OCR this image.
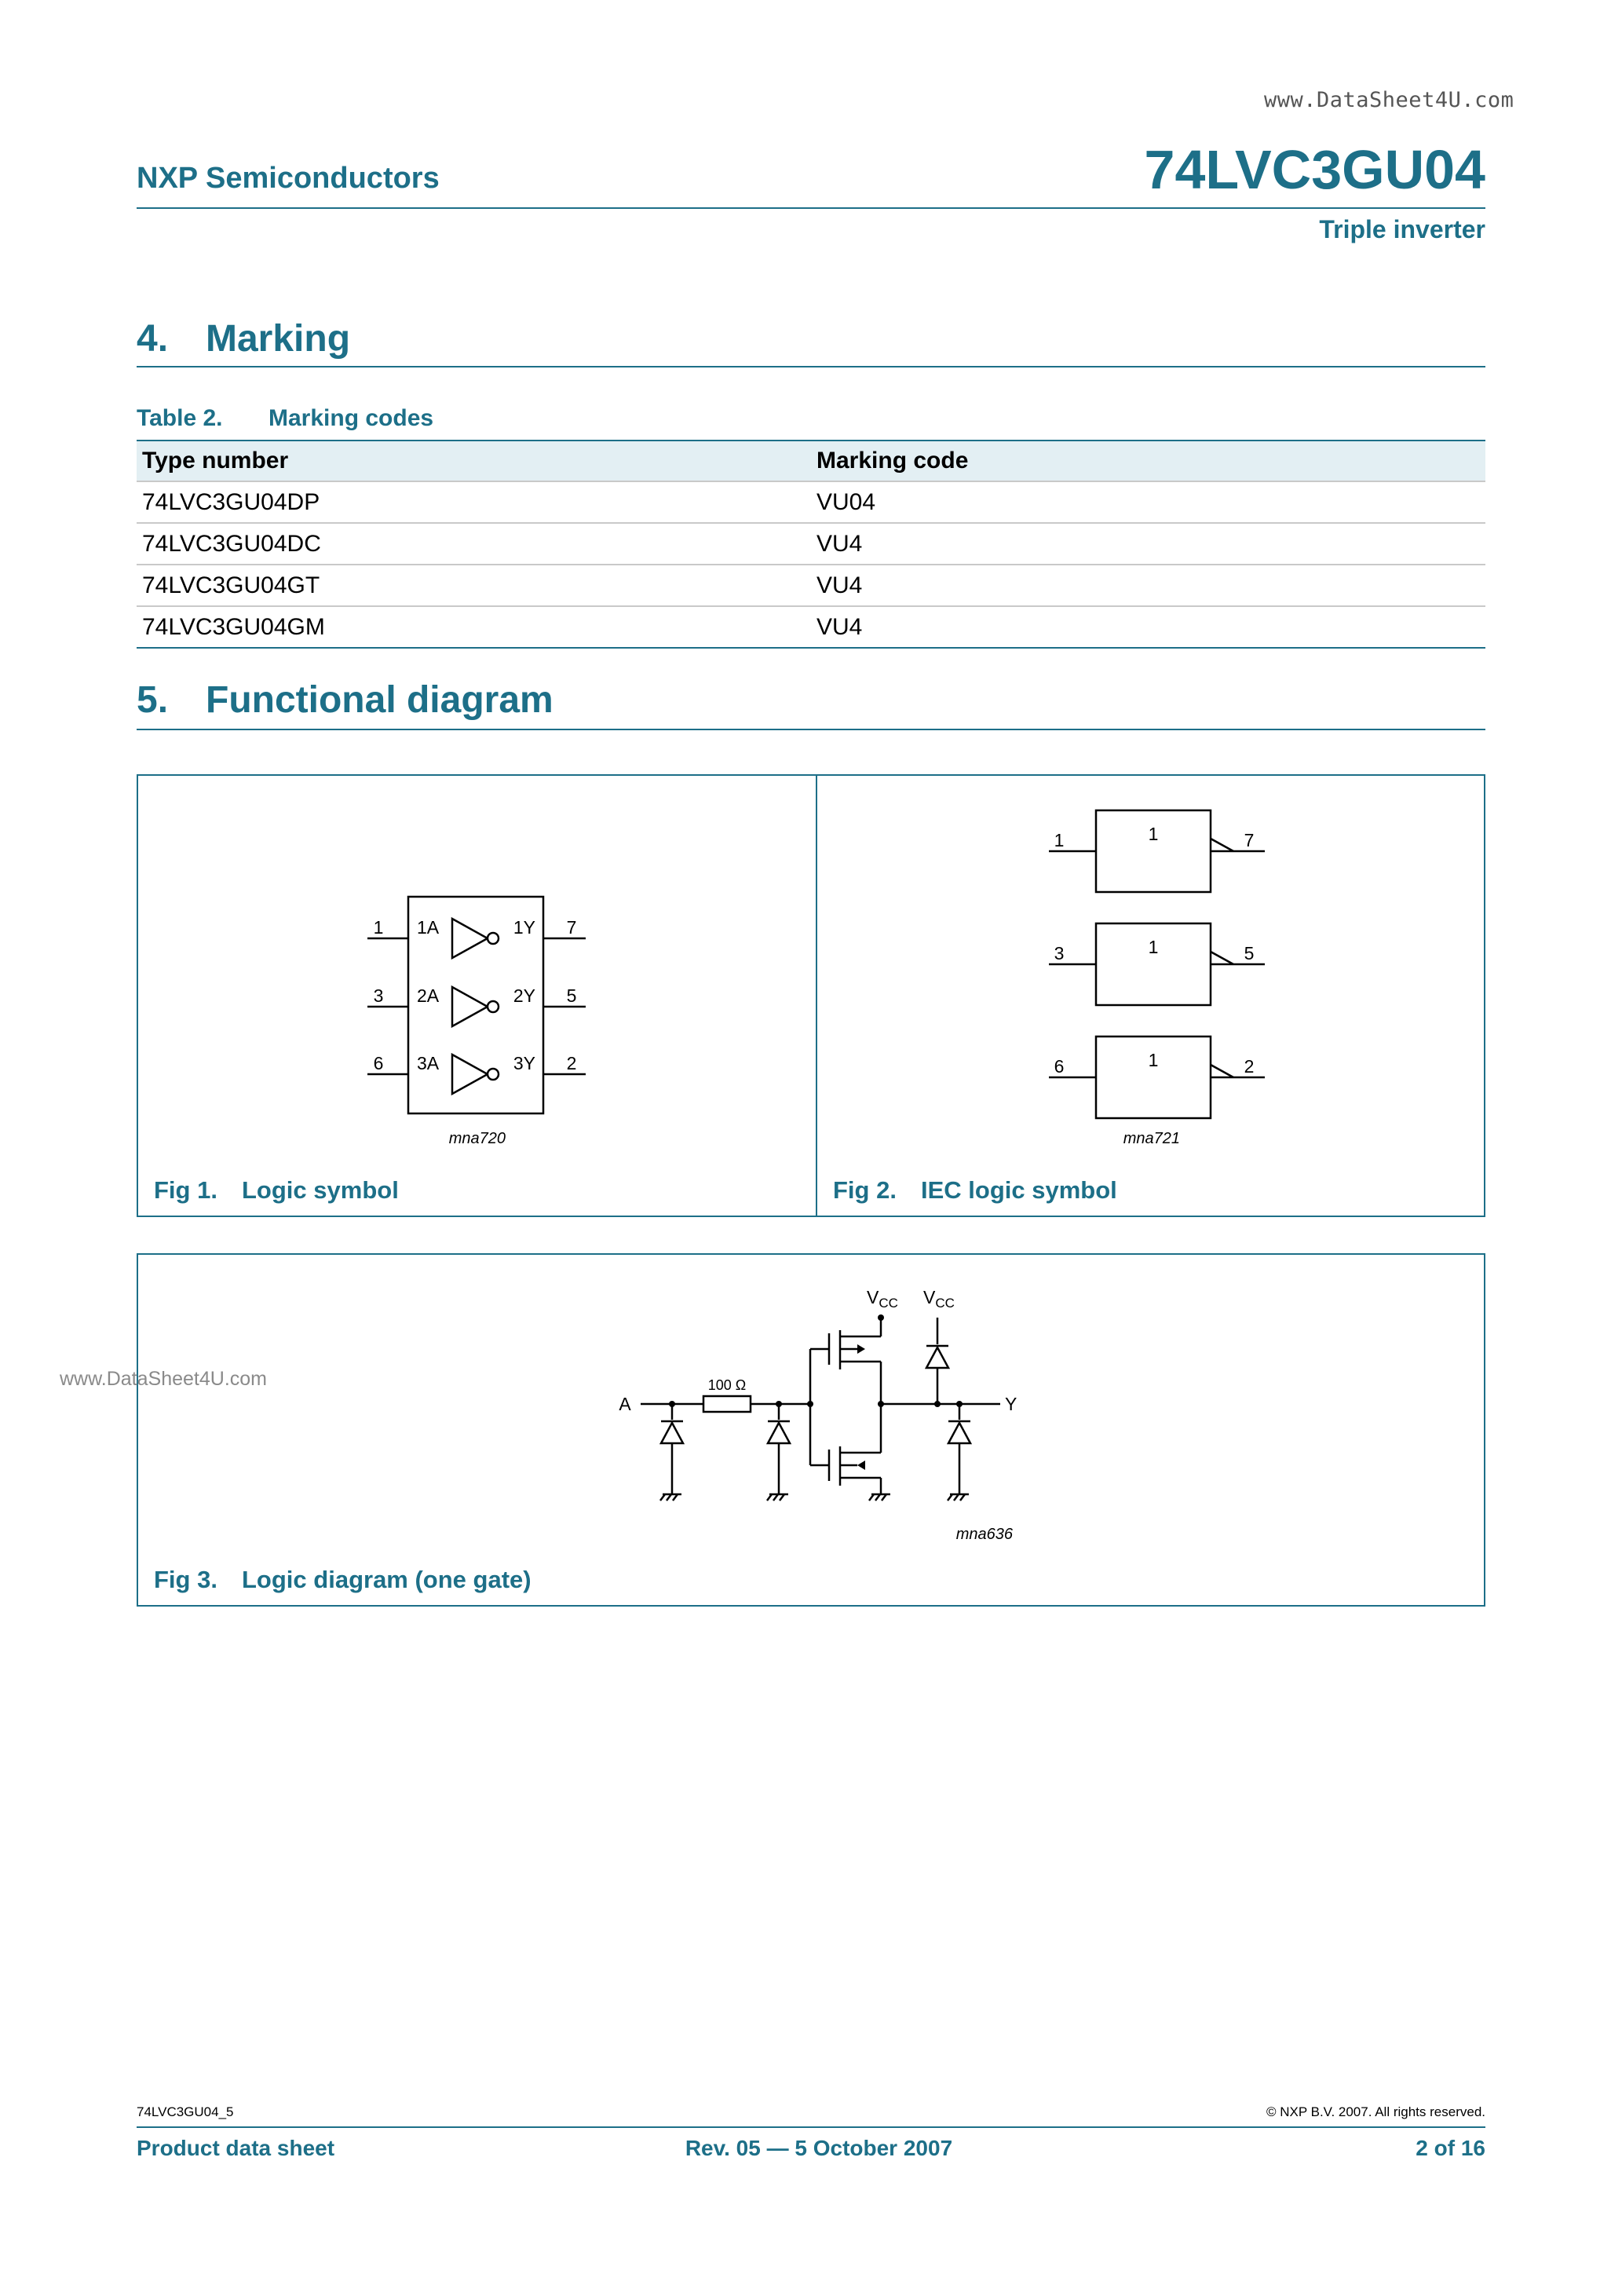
www.DataSheet4U.com
NXP Semiconductors	74LVC3GU04
Triple inverter
4. Marking
Table 2. Marking codes
Type number	Marking code
74LVC3GU04DP	VU04
74LVC3GU04DC	VU4
74LVC3GU04GT	VU4
74LVC3GU04GM	VU4
5. Functional diagram
1 1A	1Y 7
3 2A	2Y 5
6 3A	3Y 2
mna720
Fig 1. Logic symbol
1	1	7
3	1	5
6	1	2
mna721
Fig 2. IEC logic symbol
A	Y
100 Ω
$V_{CC}$ $V_{CC}$
mna636
Fig 3. Logic diagram (one gate)
www.DataSheet4U.com
74LVC3GU04_5	© NXP B.V. 2007. All rights reserved.
Product data sheet	Rev. 05 — 5 October 2007	2 of 16
